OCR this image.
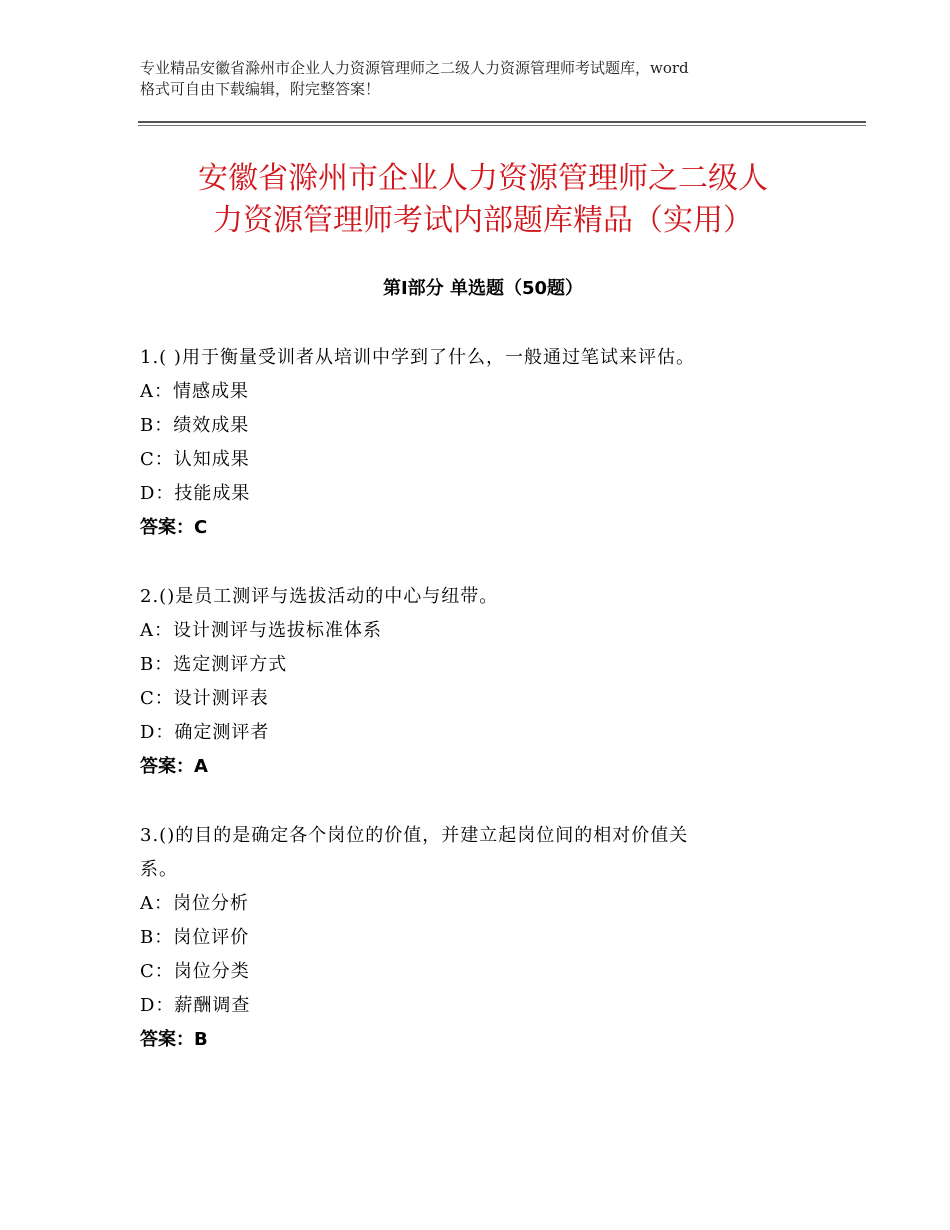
专业精品安徽省滁州市企业人力资源管理师之二级人力资源管理师考试题库，word
格式可自由下载编辑，附完整答案！
安徽省滁州市企业人力资源管理师之二级人
力资源管理师考试内部题库精品（实用）
第Ⅰ部分 单选题（50题）

1.( )用于衡量受训者从培训中学到了什么，一般通过笔试来评估。

A：情感成果

B：绩效成果

C：认知成果

D：技能成果

答案：C

2.()是员工测评与选拔活动的中心与纽带。

A：设计测评与选拔标准体系

B：选定测评方式

C：设计测评表

D：确定测评者

答案：A

3.()的目的是确定各个岗位的价值，并建立起岗位间的相对价值关

系。

A：岗位分析

B：岗位评价

C：岗位分类

D：薪酬调查

答案：B
